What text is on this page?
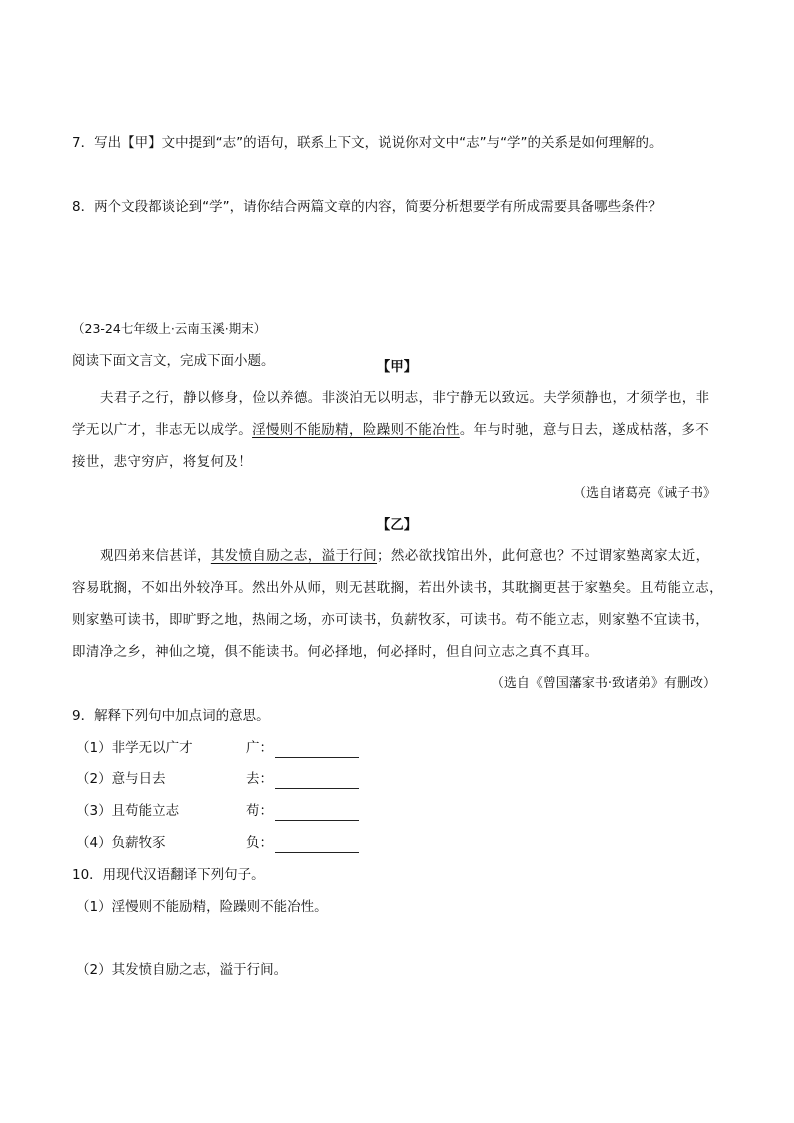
7．写出【甲】文中提到“志”的语句，联系上下文，说说你对文中“志”与“学”的关系是如何理解的。
8．两个文段都谈论到“学”，请你结合两篇文章的内容，简要分析想要学有所成需要具备哪些条件？
（23-24七年级上·云南玉溪·期末）
阅读下面文言文，完成下面小题。	【甲】
夫君子之行，静以修身，俭以养德。非淡泊无以明志，非宁静无以致远。夫学须静也，才须学也，非
学无以广才，非志无以成学。淫慢则不能励精，险躁则不能冶性。年与时驰，意与日去，遂成枯落，多不
接世，悲守穷庐，将复何及！
（选自诸葛亮《诫子书》
【乙】
观四弟来信甚详，其发愤自励之志，溢于行间；然必欲找馆出外，此何意也？不过谓家塾离家太近，
容易耽搁，不如出外较净耳。然出外从师，则无甚耽搁，若出外读书，其耽搁更甚于家塾矣。且苟能立志，
则家塾可读书，即旷野之地，热闹之场，亦可读书，负薪牧豕，可读书。苟不能立志，则家塾不宜读书，
即清净之乡，神仙之境，俱不能读书。何必择地，何必择时，但自问立志之真不真耳。
（选自《曾国藩家书·致诸弟》有删改）
9．解释下列句中加点词的意思。
（1）非学无以广才	广：
（2）意与日去	去：
（3）且苟能立志	苟：
（4）负薪牧豕	负：
10．用现代汉语翻译下列句子。
（1）淫慢则不能励精，险躁则不能冶性。
（2）其发愤自励之志，溢于行间。
